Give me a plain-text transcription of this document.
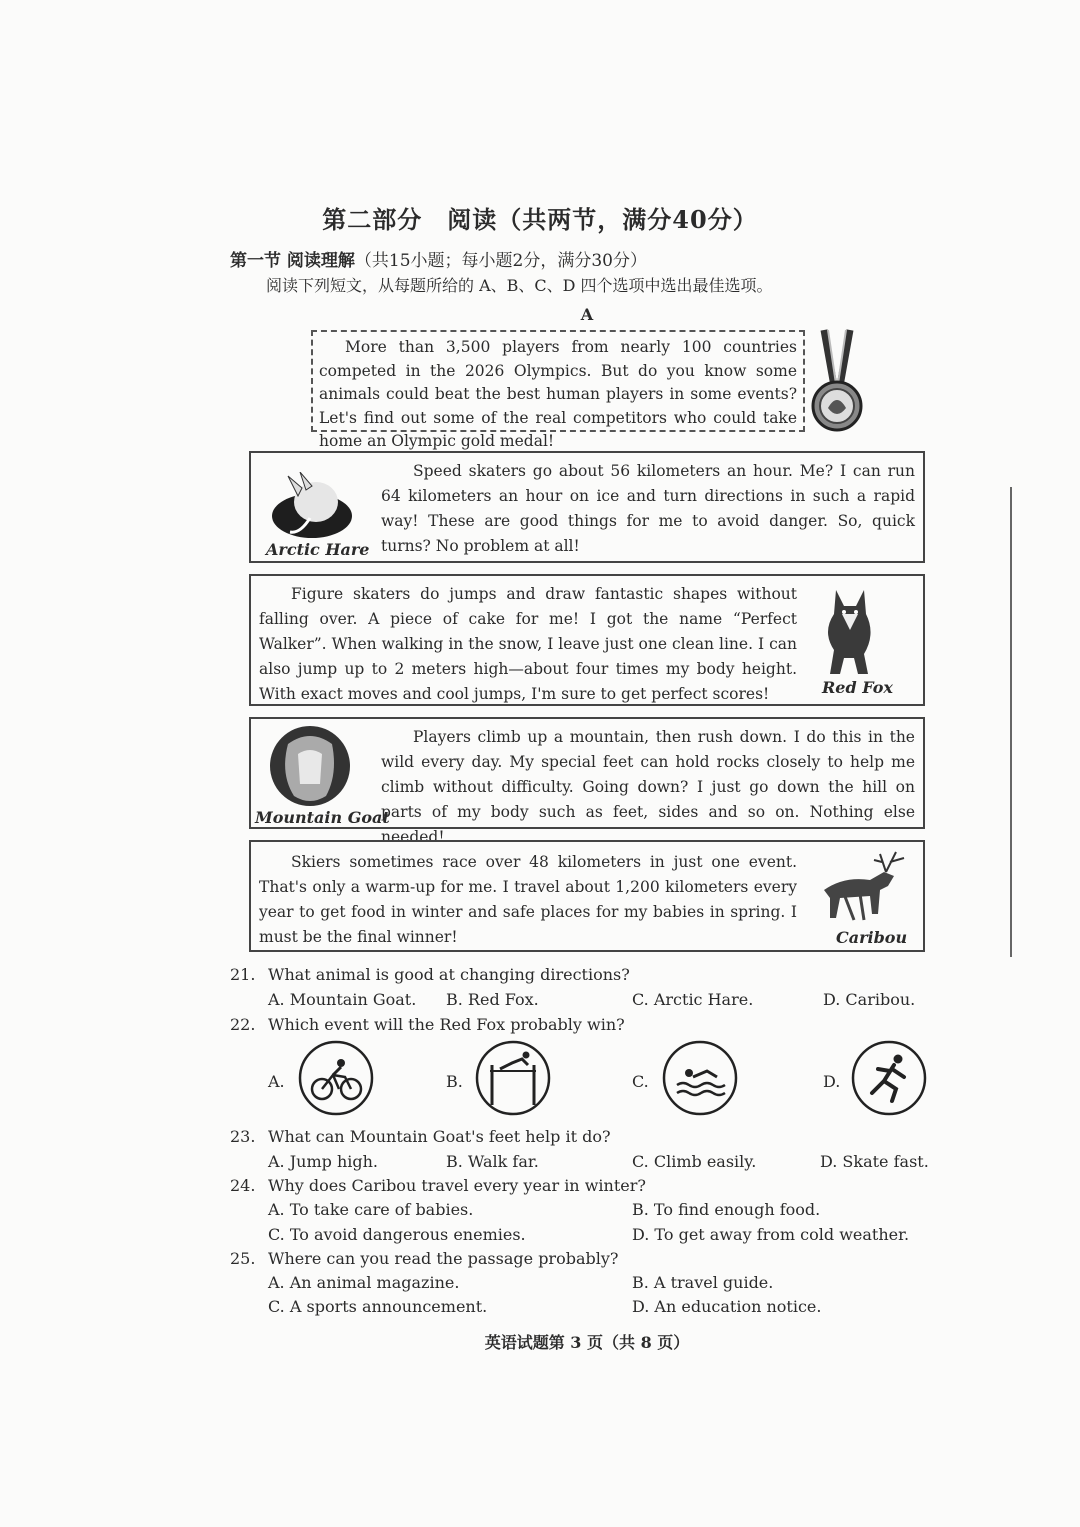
第二部分　阅读（共两节，满分40分）
第一节 阅读理解（共15小题；每小题2分，满分30分）
阅读下列短文，从每题所给的 A、B、C、D 四个选项中选出最佳选项。
A
More than 3,500 players from nearly 100 countries competed in the 2026 Olympics. But do you know some animals could beat the best human players in some events? Let's find out some of the real competitors who could take home an Olympic gold medal!

Speed skaters go about 56 kilometers an hour. Me? I can run 64 kilometers an hour on ice and turn directions in such a rapid way! These are good things for me to avoid danger. So, quick turns? No problem at all!

Arctic Hare

Figure skaters do jumps and draw fantastic shapes without falling over. A piece of cake for me! I got the name “Perfect Walker”. When walking in the snow, I leave just one clean line. I can also jump up to 2 meters high—about four times my body height. With exact moves and cool jumps, I'm sure to get perfect scores!	Red Fox

Players climb up a mountain, then rush down. I do this in the wild every day. My special feet can hold rocks closely to help me climb without difficulty. Going down? I just go down the hill on parts of my body such as feet, sides and so on. Nothing else needed!

Mountain Goat

Skiers sometimes race over 48 kilometers in just one event. That's only a warm-up for me. I travel about 1,200 kilometers every year to get food in winter and safe places for my babies in spring. I must be the final winner!	Caribou
21. What animal is good at changing directions?
A. Mountain Goat. B. Red Fox.	C. Arctic Hare.	D. Caribou.
22. Which event will the Red Fox probably win?
A.	B.	C.	D.
23. What can Mountain Goat's feet help it do?
A. Jump high.	B. Walk far.	C. Climb easily.	D. Skate fast.
24. Why does Caribou travel every year in winter?
A. To take care of babies.	B. To find enough food.
C. To avoid dangerous enemies.	D. To get away from cold weather.
25. Where can you read the passage probably?
A. An animal magazine.	B. A travel guide.
C. A sports announcement.	D. An education notice.
英语试题第 3 页（共 8 页）
